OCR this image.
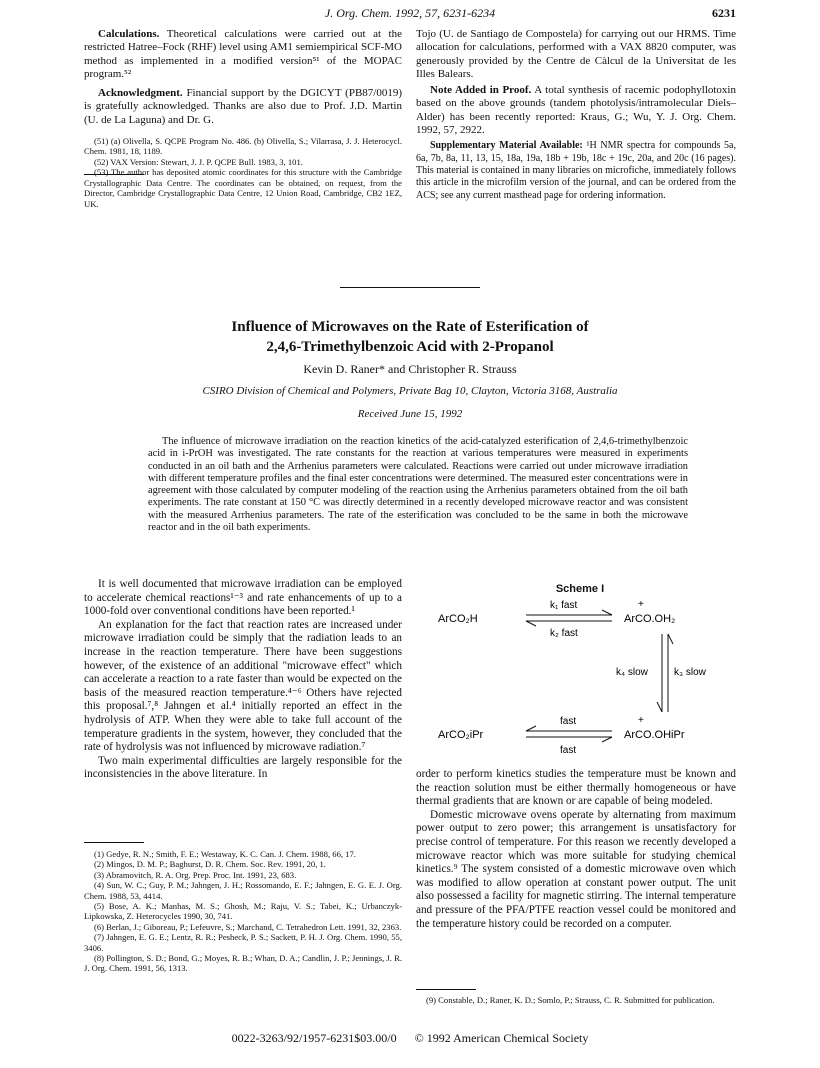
J. Org. Chem. 1992, 57, 6231-6234	6231

Calculations. Theoretical calculations were carried out at the restricted Hatree–Fock (RHF) level using AM1 semiempirical SCF-MO method as implemented in a modified version⁵¹ of the MOPAC program.⁵²

Acknowledgment. Financial support by the DGICYT (PB87/0019) is gratefully acknowledged. Thanks are also due to Prof. J.D. Martin (U. de La Laguna) and Dr. G.

(51) (a) Olivella, S. QCPE Program No. 486. (b) Olivella, S.; Vilarrasa, J. J. Heterocycl. Chem. 1981, 18, 1189.

(52) VAX Version: Stewart, J. J. P. QCPE Bull. 1983, 3, 101.

(53) The author has deposited atomic coordinates for this structure with the Cambridge Crystallographic Data Centre. The coordinates can be obtained, on request, from the Director, Cambridge Crystallographic Data Centre, 12 Union Road, Cambridge, CB2 1EZ, UK.

Tojo (U. de Santiago de Compostela) for carrying out our HRMS. Time allocation for calculations, performed with a VAX 8820 computer, was generously provided by the Centre de Càlcul de la Universitat de les Illes Balears.

Note Added in Proof. A total synthesis of racemic podophyllotoxin based on the above grounds (tandem photolysis/intramolecular Diels–Alder) has been recently reported: Kraus, G.; Wu, Y. J. Org. Chem. 1992, 57, 2922.

Supplementary Material Available: ¹H NMR spectra for compounds 5a, 6a, 7b, 8a, 11, 13, 15, 18a, 19a, 18b + 19b, 18c + 19c, 20a, and 20c (16 pages). This material is contained in many libraries on microfiche, immediately follows this article in the microfilm version of the journal, and can be ordered from the ACS; see any current masthead page for ordering information.

Influence of Microwaves on the Rate of Esterification of
2,4,6-Trimethylbenzoic Acid with 2-Propanol
Kevin D. Raner* and Christopher R. Strauss
CSIRO Division of Chemical and Polymers, Private Bag 10, Clayton, Victoria 3168, Australia
Received June 15, 1992
The influence of microwave irradiation on the reaction kinetics of the acid-catalyzed esterification of 2,4,6-trimethylbenzoic acid in i-PrOH was investigated. The rate constants for the reaction at various temperatures were measured in experiments conducted in an oil bath and the Arrhenius parameters were calculated. Reactions were carried out under microwave irradiation with different temperature profiles and the final ester concentrations were determined. The measured ester concentrations were in agreement with those calculated by computer modeling of the reaction using the Arrhenius parameters obtained from the oil bath experiments. The rate constant at 150 °C was directly determined in a recently developed microwave reactor and was consistent with the measured Arrhenius parameters. The rate of the esterification was concluded to be the same in both the microwave reactor and in the oil bath experiments.

It is well documented that microwave irradiation can be employed to accelerate chemical reactions¹⁻³ and rate enhancements of up to a 1000-fold over conventional conditions have been reported.¹

An explanation for the fact that reaction rates are increased under microwave irradiation could be simply that the radiation leads to an increase in the reaction temperature. There have been suggestions however, of the existence of an additional "microwave effect" which can accelerate a reaction to a rate faster than would be expected on the basis of the measured reaction temperature.⁴⁻⁶ Others have rejected this proposal.⁷,⁸ Jahngen et al.⁴ initially reported an effect in the hydrolysis of ATP. When they were able to take full account of the temperature gradients in the system, however, they concluded that the rate of hydrolysis was not influenced by microwave radiation.⁷

Two main experimental difficulties are largely responsible for the inconsistencies in the above literature. In

(1) Gedye, R. N.; Smith, F. E.; Westaway, K. C. Can. J. Chem. 1988, 66, 17.

(2) Mingos, D. M. P.; Baghurst, D. R. Chem. Soc. Rev. 1991, 20, 1.

(3) Abramovitch, R. A. Org. Prep. Proc. Int. 1991, 23, 683.

(4) Sun, W. C.; Guy, P. M.; Jahngen, J. H.; Rossomando, E. F.; Jahngen, E. G. E. J. Org. Chem. 1988, 53, 4414.

(5) Bose, A. K.; Manhas, M. S.; Ghosh, M.; Raju, V. S.; Tabei, K.; Urbanczyk-Lipkowska, Z. Heterocycles 1990, 30, 741.

(6) Berlan, J.; Giboreau, P.; Lefeuvre, S.; Marchand, C. Tetrahedron Lett. 1991, 32, 2363.

(7) Jahngen, E. G. E.; Lentz, R. R.; Pesheck, P. S.; Sackett, P. H. J. Org. Chem. 1990, 55, 3406.

(8) Pollington, S. D.; Bond, G.; Moyes, R. B.; Whan, D. A.; Candlin, J. P.; Jennings, J. R. J. Org. Chem. 1991, 56, 1313.

Scheme I
ArCO₂H	ArCO.OH₂
+
k₁ fast
k₂ fast
k₄ slow	k₃ slow
ArCO₂iPr	ArCO.OHiPr
+
fast
fast

order to perform kinetics studies the temperature must be known and the reaction solution must be either thermally homogeneous or have thermal gradients that are known or are capable of being modeled.

Domestic microwave ovens operate by alternating from maximum power output to zero power; this arrangement is unsatisfactory for precise control of temperature. For this reason we recently developed a microwave reactor which was more suitable for studying chemical kinetics.⁹ The system consisted of a domestic microwave oven which was modified to allow operation at constant power output. The unit also possessed a facility for magnetic stirring. The internal temperature and pressure of the PFA/PTFE reaction vessel could be monitored and the temperature history could be recorded on a computer.

(9) Constable, D.; Raner, K. D.; Somlo, P.; Strauss, C. R. Submitted for publication.

0022-3263/92/1957-6231$03.00/0 © 1992 American Chemical Society
